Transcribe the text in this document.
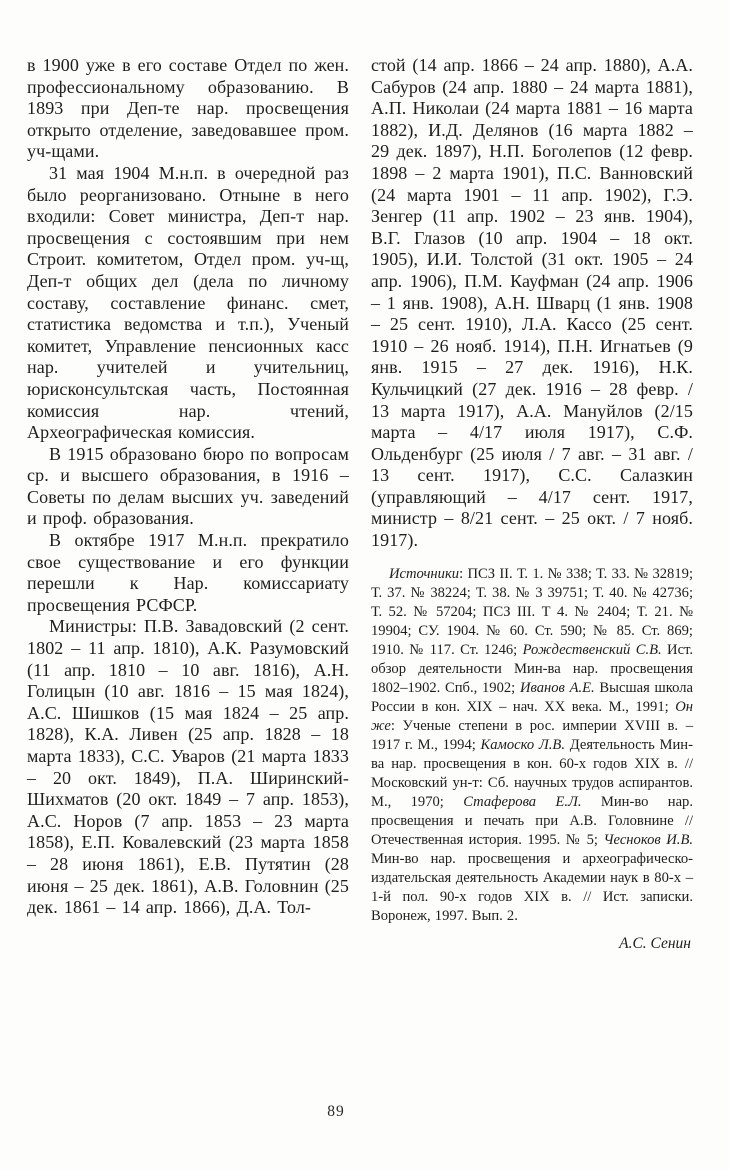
в 1900 уже в его составе Отдел по жен. профессиональному образованию. В 1893 при Деп-те нар. просвещения открыто отделение, заведовавшее пром. уч-щами.

31 мая 1904 М.н.п. в очередной раз было реорганизовано. Отныне в него входили: Совет министра, Деп-т нар. просвещения с состоявшим при нем Строит. комитетом, Отдел пром. уч-щ, Деп-т общих дел (дела по личному составу, составление финанс. смет, статистика ведомства и т.п.), Ученый комитет, Управление пенсионных касс нар. учителей и учительниц, юрисконсультская часть, Постоянная комиссия нар. чтений, Археографическая комиссия.

В 1915 образовано бюро по вопросам ср. и высшего образования, в 1916 – Советы по делам высших уч. заведений и проф. образования.

В октябре 1917 М.н.п. прекратило свое существование и его функции перешли к Нар. комиссариату просвещения РСФСР.

Министры: П.В. Завадовский (2 сент. 1802 – 11 апр. 1810), А.К. Разумовский (11 апр. 1810 – 10 авг. 1816), А.Н. Голицын (10 авг. 1816 – 15 мая 1824), А.С. Шишков (15 мая 1824 – 25 апр. 1828), К.А. Ливен (25 апр. 1828 – 18 марта 1833), С.С. Уваров (21 марта 1833 – 20 окт. 1849), П.А. Ширинский-Шихматов (20 окт. 1849 – 7 апр. 1853), А.С. Норов (7 апр. 1853 – 23 марта 1858), Е.П. Ковалевский (23 марта 1858 – 28 июня 1861), Е.В. Путятин (28 июня – 25 дек. 1861), А.В. Головнин (25 дек. 1861 – 14 апр. 1866), Д.А. Тол-

стой (14 апр. 1866 – 24 апр. 1880), А.А. Сабуров (24 апр. 1880 – 24 марта 1881), А.П. Николаи (24 марта 1881 – 16 марта 1882), И.Д. Делянов (16 марта 1882 – 29 дек. 1897), Н.П. Боголепов (12 февр. 1898 – 2 марта 1901), П.С. Ванновский (24 марта 1901 – 11 апр. 1902), Г.Э. Зенгер (11 апр. 1902 – 23 янв. 1904), В.Г. Глазов (10 апр. 1904 – 18 окт. 1905), И.И. Толстой (31 окт. 1905 – 24 апр. 1906), П.М. Кауфман (24 апр. 1906 – 1 янв. 1908), А.Н. Шварц (1 янв. 1908 – 25 сент. 1910), Л.А. Кассо (25 сент. 1910 – 26 нояб. 1914), П.Н. Игнатьев (9 янв. 1915 – 27 дек. 1916), Н.К. Кульчицкий (27 дек. 1916 – 28 февр. / 13 марта 1917), А.А. Мануйлов (2/15 марта – 4/17 июля 1917), С.Ф. Ольденбург (25 июля / 7 авг. – 31 авг. / 13 сент. 1917), С.С. Салазкин (управляющий – 4/17 сент. 1917, министр – 8/21 сент. – 25 окт. / 7 нояб. 1917).

Источники: ПСЗ II. Т. 1. № 338; Т. 33. № 32819; Т. 37. № 38224; Т. 38. № 3 39751; Т. 40. № 42736; Т. 52. № 57204; ПСЗ III. Т 4. № 2404; Т. 21. № 19904; СУ. 1904. № 60. Ст. 590; № 85. Ст. 869; 1910. № 117. Ст. 1246; Рождественский С.В. Ист. обзор деятельности Мин-ва нар. просвещения 1802–1902. Спб., 1902; Иванов А.Е. Высшая школа России в кон. XIX – нач. XX века. М., 1991; Он же: Ученые степени в рос. империи XVIII в. – 1917 г. М., 1994; Камоско Л.В. Деятельность Мин-ва нар. просвещения в кон. 60-х годов XIX в. // Московский ун-т: Сб. научных трудов аспирантов. М., 1970; Стаферова Е.Л. Мин-во нар. просвещения и печать при А.В. Головнине // Отечественная история. 1995. № 5; Чесноков И.В. Мин-во нар. просвещения и археографическо-издательская деятельность Академии наук в 80-х – 1-й пол. 90-х годов XIX в. // Ист. записки. Воронеж, 1997. Вып. 2.

А.С. Сенин

89
